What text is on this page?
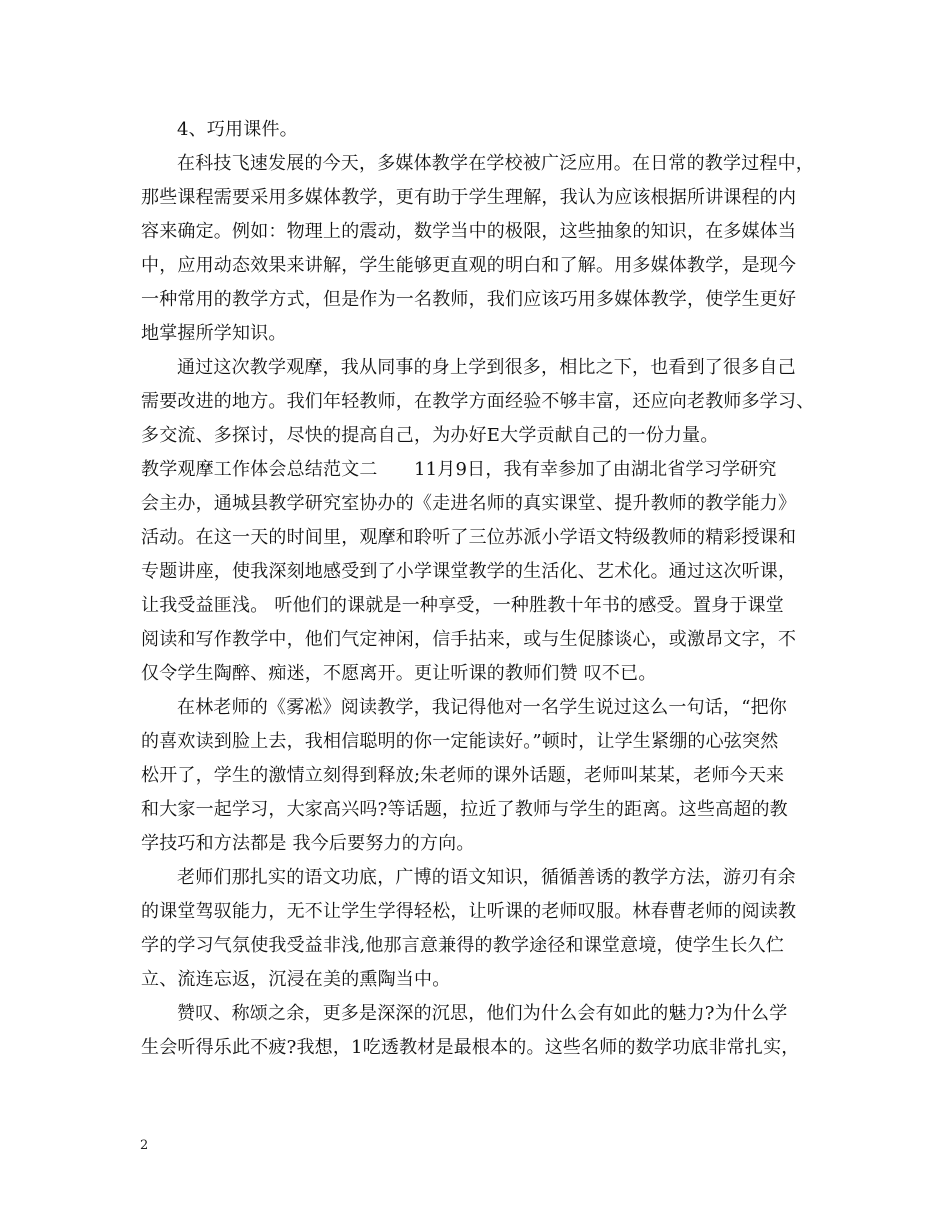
4、巧用课件。
在科技飞速发展的今天，多媒体教学在学校被广泛应用。在日常的教学过程中，
那些课程需要采用多媒体教学，更有助于学生理解，我认为应该根据所讲课程的内
容来确定。例如：物理上的震动，数学当中的极限，这些抽象的知识，在多媒体当
中，应用动态效果来讲解，学生能够更直观的明白和了解。用多媒体教学，是现今
一种常用的教学方式，但是作为一名教师，我们应该巧用多媒体教学，使学生更好
地掌握所学知识。
通过这次教学观摩，我从同事的身上学到很多，相比之下，也看到了很多自己
需要改进的地方。我们年轻教师，在教学方面经验不够丰富，还应向老教师多学习、
多交流、多探讨，尽快的提高自己，为办好E大学贡献自己的一份力量。
教学观摩工作体会总结范文二　　11月9日，我有幸参加了由湖北省学习学研究
会主办，通城县教学研究室协办的《走进名师的真实课堂、提升教师的教学能力》
活动。在这一天的时间里，观摩和聆听了三位苏派小学语文特级教师的精彩授课和
专题讲座，使我深刻地感受到了小学课堂教学的生活化、艺术化。通过这次听课，
让我受益匪浅。 听他们的课就是一种享受，一种胜教十年书的感受。置身于课堂
阅读和写作教学中，他们气定神闲，信手拈来，或与生促膝谈心，或激昂文字，不
仅令学生陶醉、痴迷，不愿离开。更让听课的教师们赞 叹不已。
在林老师的《雾凇》阅读教学，我记得他对一名学生说过这么一句话，“把你
的喜欢读到脸上去，我相信聪明的你一定能读好。”顿时，让学生紧绷的心弦突然
松开了，学生的激情立刻得到释放;朱老师的课外话题，老师叫某某，老师今天来
和大家一起学习，大家高兴吗?等话题，拉近了教师与学生的距离。这些高超的教
学技巧和方法都是 我今后要努力的方向。
老师们那扎实的语文功底，广博的语文知识，循循善诱的教学方法，游刃有余
的课堂驾驭能力，无不让学生学得轻松，让听课的老师叹服。林春曹老师的阅读教
学的学习气氛使我受益非浅,他那言意兼得的教学途径和课堂意境，使学生长久伫
立、流连忘返，沉浸在美的熏陶当中。
赞叹、称颂之余，更多是深深的沉思，他们为什么会有如此的魅力?为什么学
生会听得乐此不疲?我想，1吃透教材是最根本的。这些名师的数学功底非常扎实，
2
